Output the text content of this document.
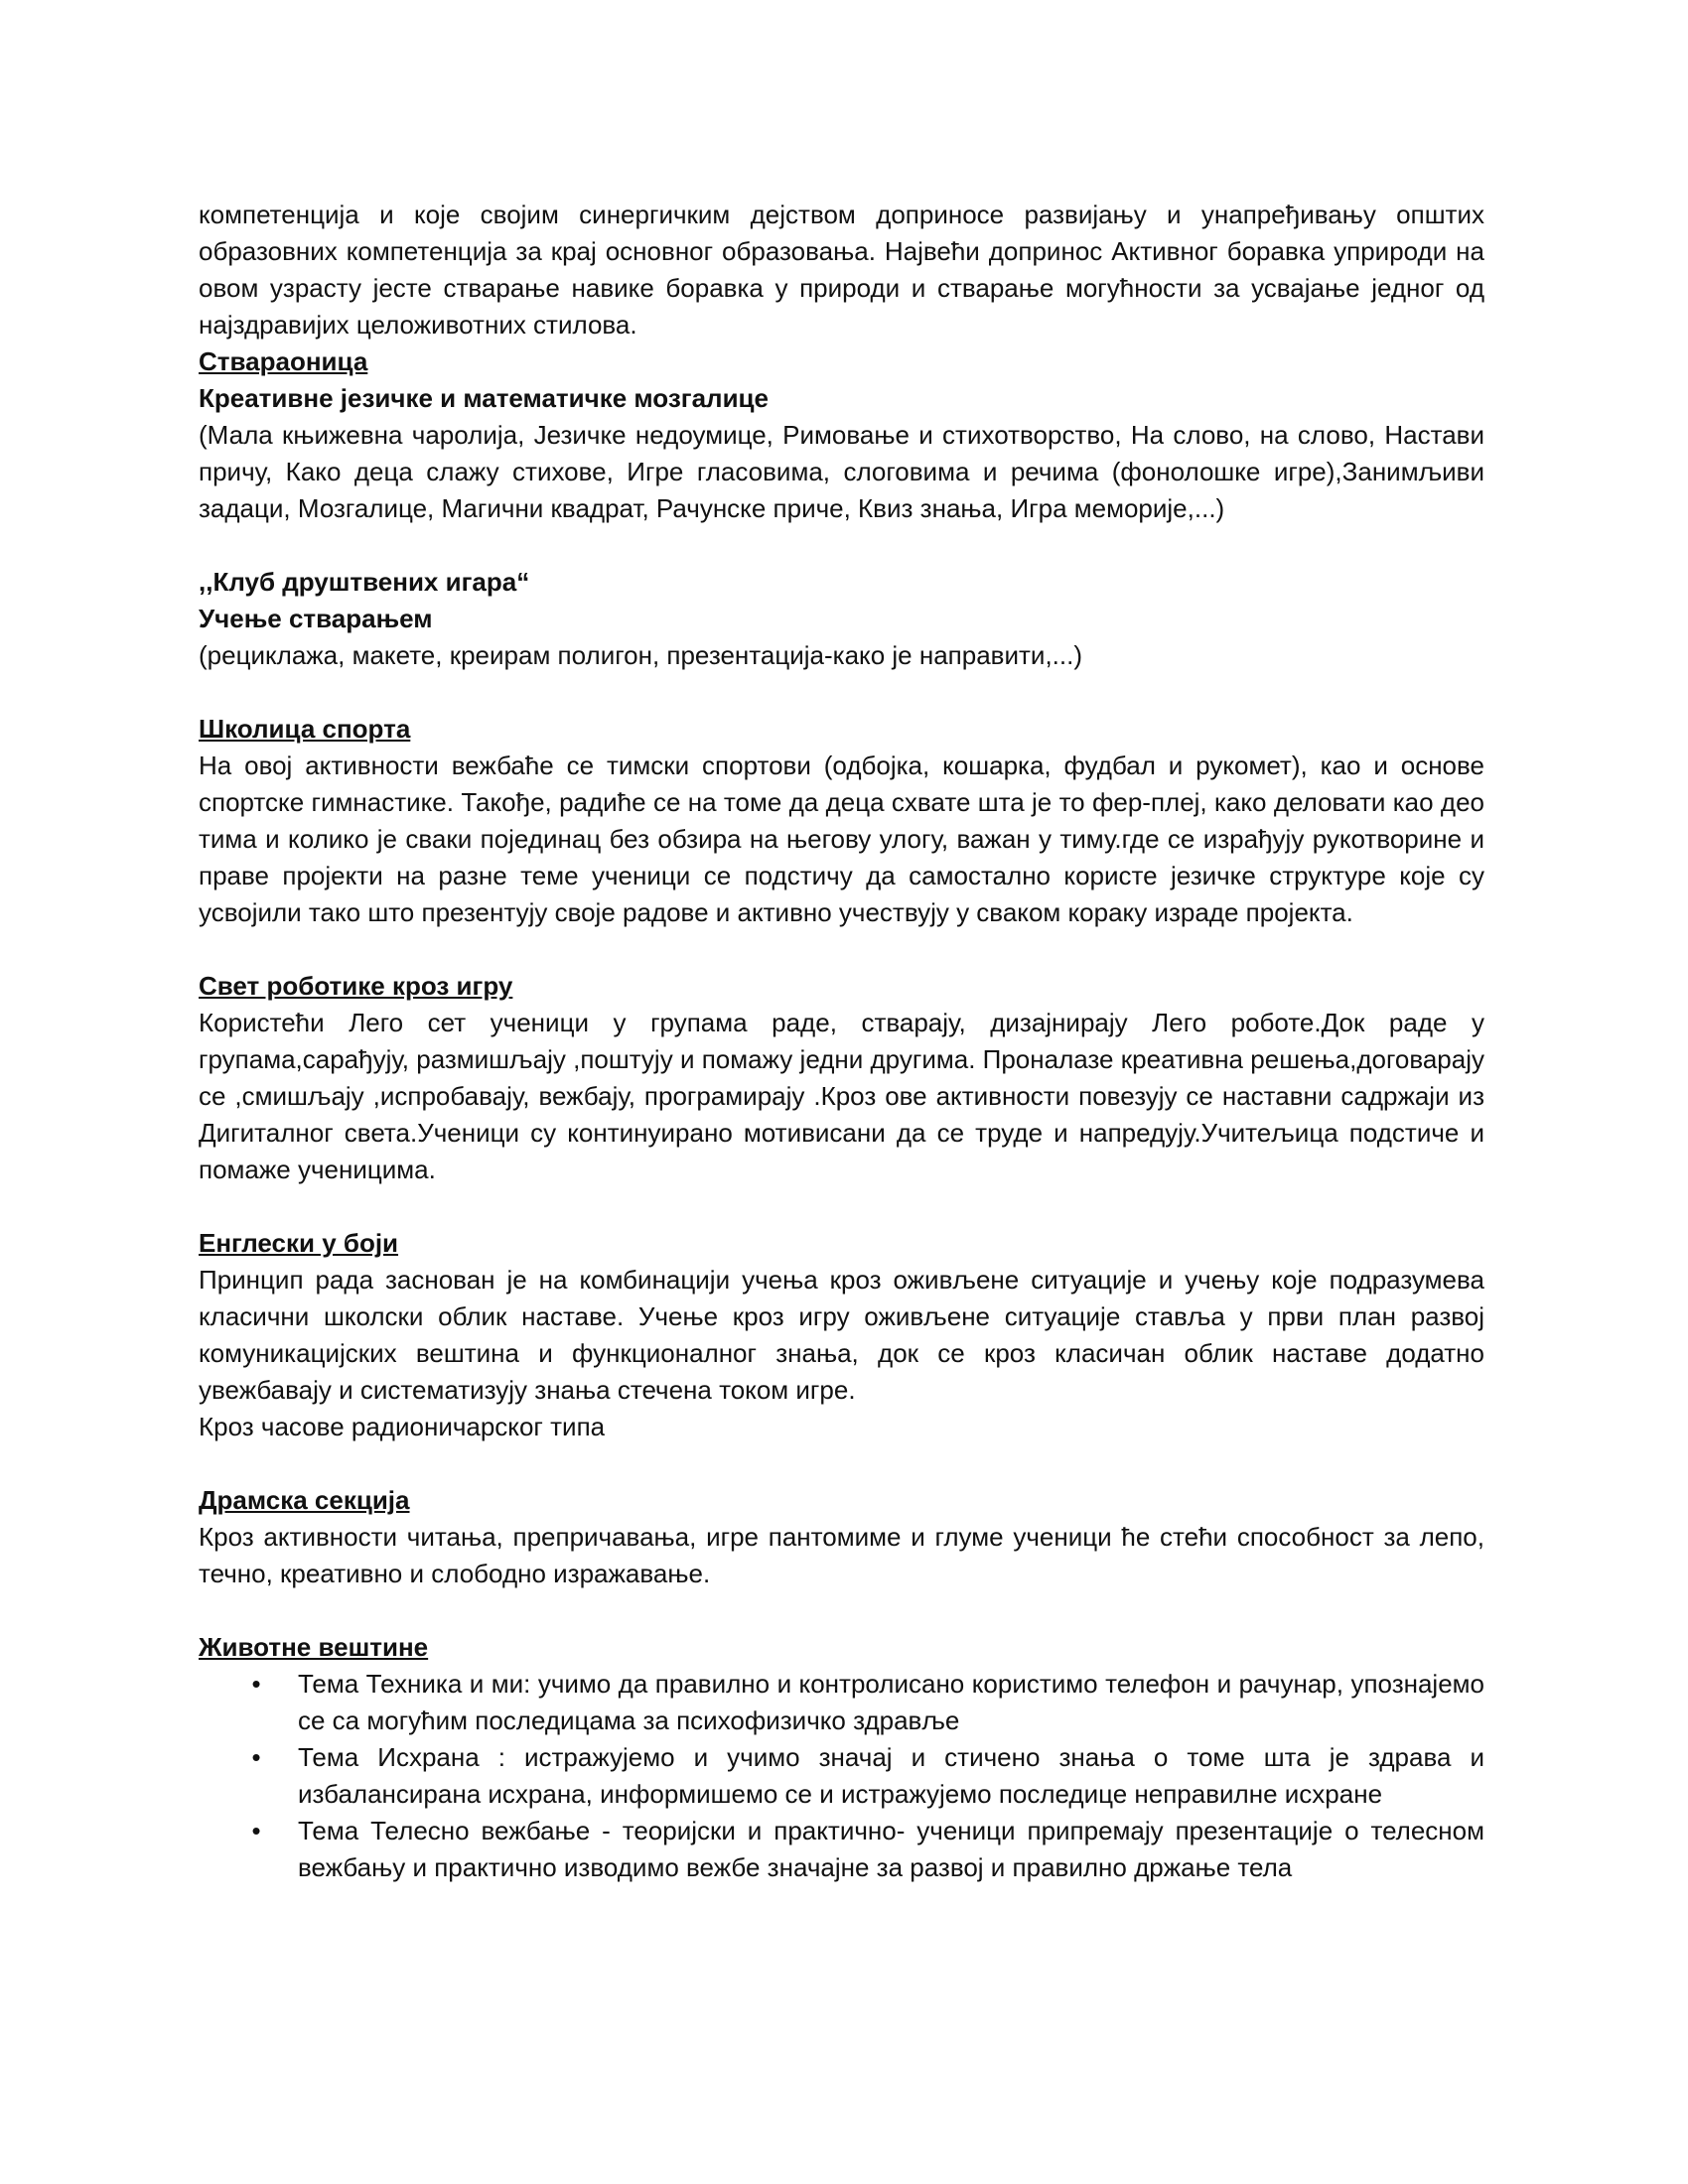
компетенција и које својим синергичким дејством доприносе развијању и унапређивању општих образовних компетенција за крај основног образовања. Највећи допринос Активног боравка уприроди на овом узрасту јесте стварање навике боравка у природи и стварање могућности за усвајање једног од најздравијих целоживотних стилова.

Ствараоница

Креативне језичке и математичке мозгалице

(Мала књижевна чаролија, Језичке недоумице, Римовање и стихотворство, На слово, на слово, Настави причу, Како деца слажу стихове, Игре гласовима, слоговима и речима (фонолошке игре),Занимљиви задаци, Мозгалице, Магични квадрат, Рачунске приче, Квиз знања, Игра меморије,...)

,,Клуб друштвених игара“

Учење стварањем

(рециклажа, макете, креирам полигон, презентација-како је направити,...)

Школица спорта

На овој активности вежбаће се тимски спортови (одбојка, кошарка, фудбал и рукомет), као и основе спортске гимнастике. Такође, радиће се на томе да деца схвате шта је то фер-плеј, како деловати као део тима и колико је сваки појединац без обзира на његову улогу, важан у тиму.где се израђују рукотворине и праве пројекти на разне теме ученици се подстичу да самостално користе језичке структуре које су усвојили тако што презентују своје радове и активно учествују у сваком кораку израде пројекта.

Свет роботике кроз игру

Користећи Лего сет ученици у групама раде, стварају, дизајнирају Лего роботе.Док раде у групама,сарађују, размишљају ,поштују и помажу једни другима. Проналазе креативна решења,договарају се ,смишљају ,испробавају, вежбају, програмирају .Кроз ове активности повезују се наставни садржаји из Дигиталног света.Ученици су континуирано мотивисани да се труде и напредују.Учитељица подстиче и помаже ученицима.

Енглески у боји

Принцип рада заснован је на комбинацији учења кроз оживљене ситуације и учењу које подразумева класични школски облик наставе. Учење кроз игру оживљене ситуације ставља у први план развој комуникацијских вештина и функционалног знања, док се кроз класичан облик наставе додатно увежбавају и систематизују знања стечена током игре.

Кроз часове радионичарског типа

Драмска секција

Кроз активности читања, препричавања, игре пантомиме и глуме ученици ће стећи способност за лепо, течно, креативно и слободно изражавање.

Животне вештине

• Тема Техника и ми: учимо да правилно и контролисано користимо телефон и рачунар, упознајемо се са могућим последицама за психофизичко здравље
• Тема Исхрана : истражујемо и учимо значај и стичено знања о томе шта је здрава и избалансирана исхрана, информишемо се и истражујемо последице неправилне исхране
• Тема Телесно вежбање - теоријски и практично- ученици припремају презентације о телесном вежбању и практично изводимо вежбе значајне за развој и правилно држање тела
